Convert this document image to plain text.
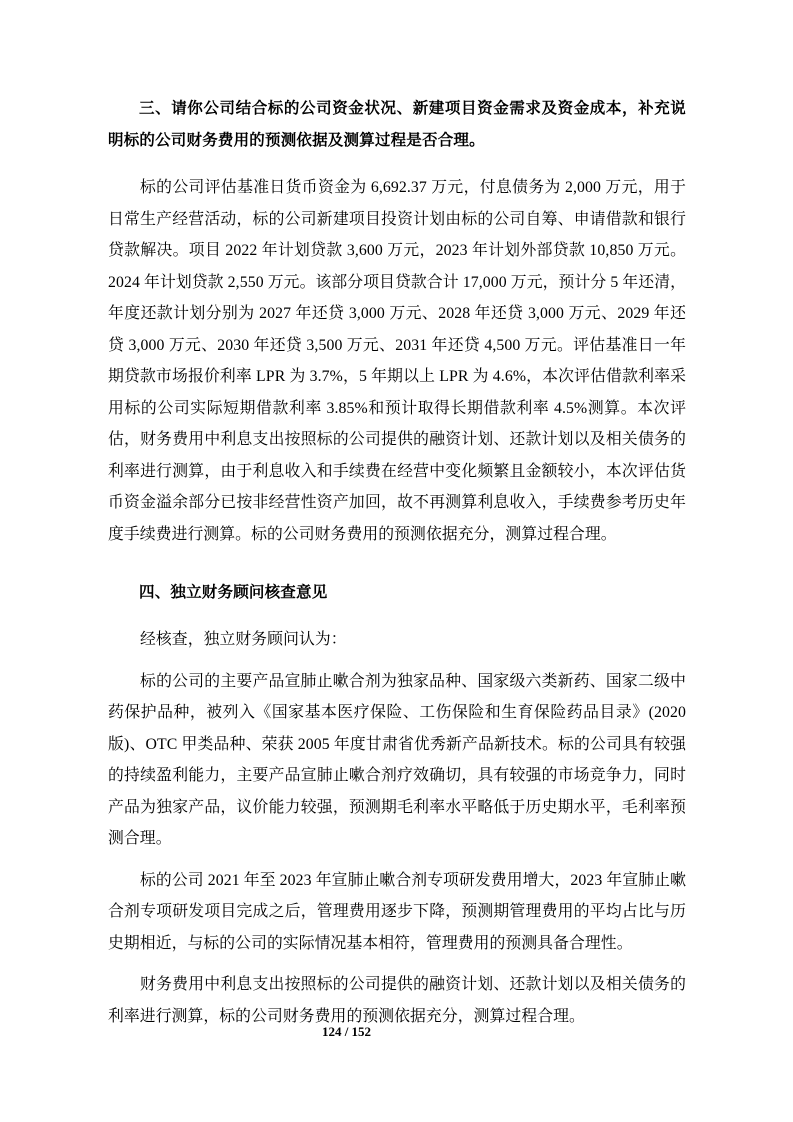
三、请你公司结合标的公司资金状况、新建项目资金需求及资金成本，补充说明标的公司财务费用的预测依据及测算过程是否合理。

标的公司评估基准日货币资金为 6,692.37 万元，付息债务为 2,000 万元，用于日常生产经营活动，标的公司新建项目投资计划由标的公司自筹、申请借款和银行贷款解决。项目 2022 年计划贷款 3,600 万元，2023 年计划外部贷款 10,850 万元。2024 年计划贷款 2,550 万元。该部分项目贷款合计 17,000 万元，预计分 5 年还清，年度还款计划分别为 2027 年还贷 3,000 万元、2028 年还贷 3,000 万元、2029 年还贷 3,000 万元、2030 年还贷 3,500 万元、2031 年还贷 4,500 万元。评估基准日一年期贷款市场报价利率 LPR 为 3.7%，5 年期以上 LPR 为 4.6%，本次评估借款利率采用标的公司实际短期借款利率 3.85%和预计取得长期借款利率 4.5%测算。本次评估，财务费用中利息支出按照标的公司提供的融资计划、还款计划以及相关债务的利率进行测算，由于利息收入和手续费在经营中变化频繁且金额较小，本次评估货币资金溢余部分已按非经营性资产加回，故不再测算利息收入，手续费参考历史年度手续费进行测算。标的公司财务费用的预测依据充分，测算过程合理。

四、独立财务顾问核查意见

经核查，独立财务顾问认为：

标的公司的主要产品宣肺止嗽合剂为独家品种、国家级六类新药、国家二级中药保护品种，被列入《国家基本医疗保险、工伤保险和生育保险药品目录》(2020 版)、OTC 甲类品种、荣获 2005 年度甘肃省优秀新产品新技术。标的公司具有较强的持续盈利能力，主要产品宣肺止嗽合剂疗效确切，具有较强的市场竞争力，同时产品为独家产品，议价能力较强，预测期毛利率水平略低于历史期水平，毛利率预测合理。

标的公司 2021 年至 2023 年宣肺止嗽合剂专项研发费用增大，2023 年宣肺止嗽合剂专项研发项目完成之后，管理费用逐步下降，预测期管理费用的平均占比与历史期相近，与标的公司的实际情况基本相符，管理费用的预测具备合理性。

财务费用中利息支出按照标的公司提供的融资计划、还款计划以及相关债务的利率进行测算，标的公司财务费用的预测依据充分，测算过程合理。

124 / 152
